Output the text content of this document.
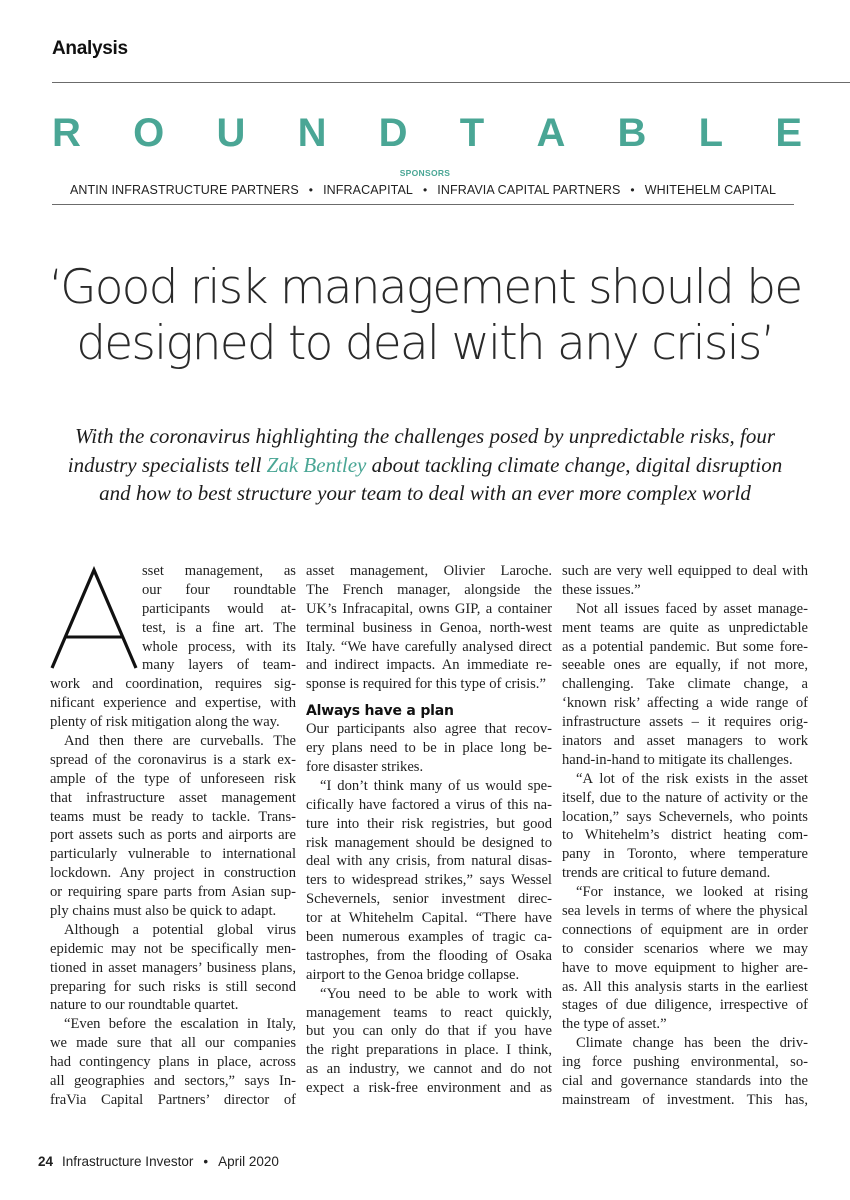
Analysis
R O U N D T A B L E
SPONSORS
ANTIN INFRASTRUCTURE PARTNERS • INFRACAPITAL • INFRAVIA CAPITAL PARTNERS • WHITEHELM CAPITAL
‘Good risk management should be
designed to deal with any crisis’
With the coronavirus highlighting the challenges posed by unpredictable risks, four
industry specialists tell Zak Bentley about tackling climate change, digital disruption
and how to best structure your team to deal with an ever more complex world
sset management, as
our four roundtable
participants would at-
test, is a fine art. The
whole process, with its
many layers of team-
work and coordination, requires sig-
nificant experience and expertise, with
plenty of risk mitigation along the way.
And then there are curveballs. The
spread of the coronavirus is a stark ex-
ample of the type of unforeseen risk
that infrastructure asset management
teams must be ready to tackle. Trans-
port assets such as ports and airports are
particularly vulnerable to international
lockdown. Any project in construction
or requiring spare parts from Asian sup-
ply chains must also be quick to adapt.
Although a potential global virus
epidemic may not be specifically men-
tioned in asset managers’ business plans,
preparing for such risks is still second
nature to our roundtable quartet.
“Even before the escalation in Italy,
we made sure that all our companies
had contingency plans in place, across
all geographies and sectors,” says In-
fraVia Capital Partners’ director of
asset management, Olivier Laroche.
The French manager, alongside the
UK’s Infracapital, owns GIP, a container
terminal business in Genoa, north-west
Italy. “We have carefully analysed direct
and indirect impacts. An immediate re-
sponse is required for this type of crisis.”
Always have a plan
Our participants also agree that recov-
ery plans need to be in place long be-
fore disaster strikes.
“I don’t think many of us would spe-
cifically have factored a virus of this na-
ture into their risk registries, but good
risk management should be designed to
deal with any crisis, from natural disas-
ters to widespread strikes,” says Wessel
Schevernels, senior investment direc-
tor at Whitehelm Capital. “There have
been numerous examples of tragic ca-
tastrophes, from the flooding of Osaka
airport to the Genoa bridge collapse.
“You need to be able to work with
management teams to react quickly,
but you can only do that if you have
the right preparations in place. I think,
as an industry, we cannot and do not
expect a risk-free environment and as
such are very well equipped to deal with
these issues.”
Not all issues faced by asset manage-
ment teams are quite as unpredictable
as a potential pandemic. But some fore-
seeable ones are equally, if not more,
challenging. Take climate change, a
‘known risk’ affecting a wide range of
infrastructure assets – it requires orig-
inators and asset managers to work
hand-in-hand to mitigate its challenges.
“A lot of the risk exists in the asset
itself, due to the nature of activity or the
location,” says Schevernels, who points
to Whitehelm’s district heating com-
pany in Toronto, where temperature
trends are critical to future demand.
“For instance, we looked at rising
sea levels in terms of where the physical
connections of equipment are in order
to consider scenarios where we may
have to move equipment to higher are-
as. All this analysis starts in the earliest
stages of due diligence, irrespective of
the type of asset.”
Climate change has been the driv-
ing force pushing environmental, so-
cial and governance standards into the
mainstream of investment. This has,
24 Infrastructure Investor • April 2020
